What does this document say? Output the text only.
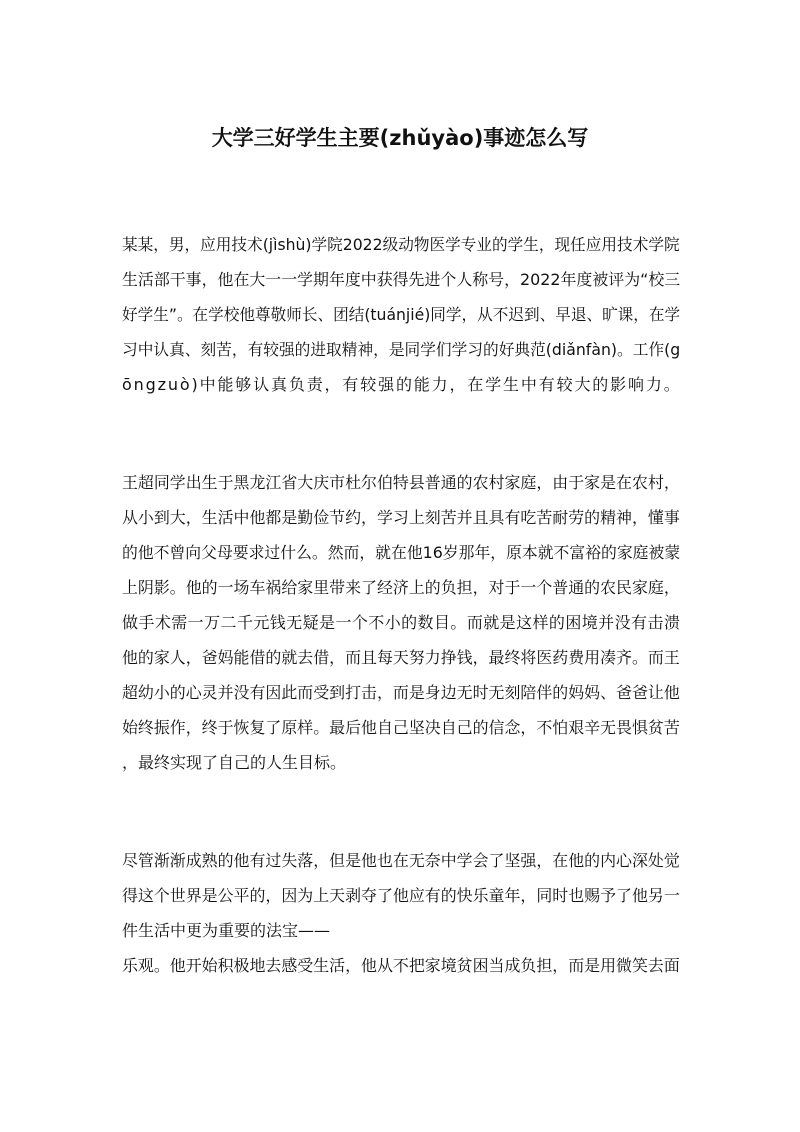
大学三好学生主要(zhǔyào)事迹怎么写
某某，男，应用技术(jìshù)学院2022级动物医学专业的学生，现任应用技术学院
生活部干事，他在大一一学期年度中获得先进个人称号，2022年度被评为“校三
好学生”。在学校他尊敬师长、团结(tuánjié)同学，从不迟到、早退、旷课，在学
习中认真、刻苦，有较强的进取精神，是同学们学习的好典范(diǎnfàn)。工作(g
ōngzuò)中能够认真负责，有较强的能力，在学生中有较大的影响力。
王超同学出生于黑龙江省大庆市杜尔伯特县普通的农村家庭，由于家是在农村，
从小到大，生活中他都是勤俭节约，学习上刻苦并且具有吃苦耐劳的精神，懂事
的他不曾向父母要求过什么。然而，就在他16岁那年，原本就不富裕的家庭被蒙
上阴影。他的一场车祸给家里带来了经济上的负担，对于一个普通的农民家庭，
做手术需一万二千元钱无疑是一个不小的数目。而就是这样的困境并没有击溃
他的家人，爸妈能借的就去借，而且每天努力挣钱，最终将医药费用凑齐。而王
超幼小的心灵并没有因此而受到打击，而是身边无时无刻陪伴的妈妈、爸爸让他
始终振作，终于恢复了原样。最后他自己坚决自己的信念，不怕艰辛无畏惧贫苦
，最终实现了自己的人生目标。
尽管渐渐成熟的他有过失落，但是他也在无奈中学会了坚强，在他的内心深处觉
得这个世界是公平的，因为上天剥夺了他应有的快乐童年，同时也赐予了他另一
件生活中更为重要的法宝——
乐观。他开始积极地去感受生活，他从不把家境贫困当成负担，而是用微笑去面
